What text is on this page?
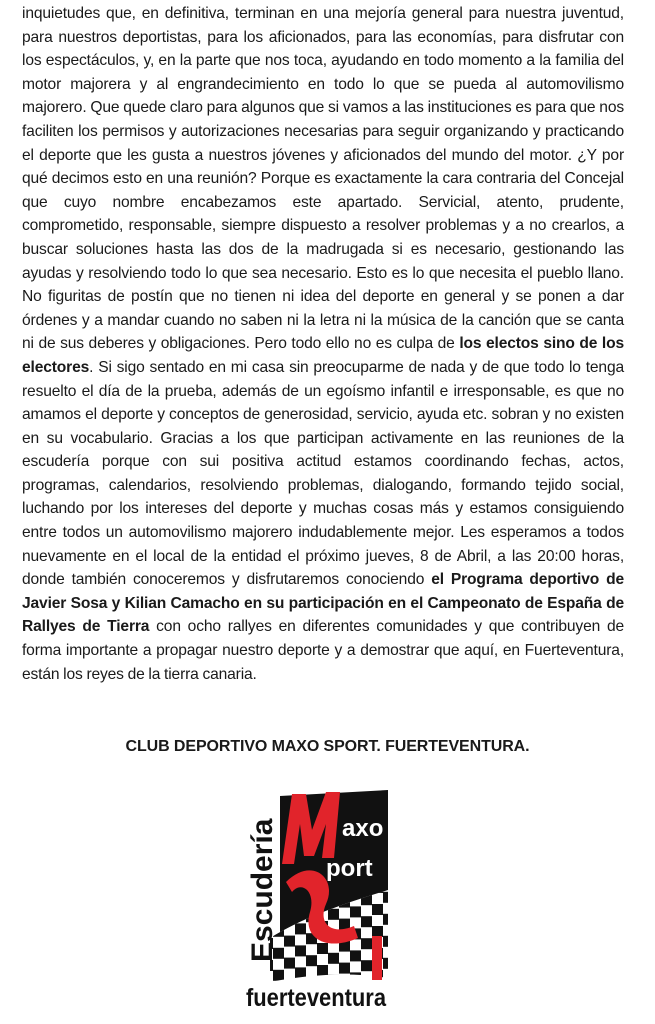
inquietudes que, en definitiva, terminan en una mejoría general para nuestra juventud, para nuestros deportistas, para los aficionados, para las economías, para disfrutar con los espectáculos, y, en la parte que nos toca, ayudando en todo momento a la familia del motor majorera y al engrandecimiento en todo lo que se pueda al automovilismo majorero. Que quede claro para algunos que si vamos a las instituciones es para que nos faciliten los permisos y autorizaciones necesarias para seguir organizando y practicando el deporte que les gusta a nuestros jóvenes y aficionados del mundo del motor. ¿Y por qué decimos esto en una reunión? Porque es exactamente la cara contraria del Concejal que cuyo nombre encabezamos este apartado. Servicial, atento, prudente, comprometido, responsable, siempre dispuesto a resolver problemas y a no crearlos, a buscar soluciones hasta las dos de la madrugada si es necesario, gestionando las ayudas y resolviendo todo lo que sea necesario. Esto es lo que necesita el pueblo llano. No figuritas de postín que no tienen ni idea del deporte en general y se ponen a dar órdenes y a mandar cuando no saben ni la letra ni la música de la canción que se canta ni de sus deberes y obligaciones. Pero todo ello no es culpa de los electos sino de los electores. Si sigo sentado en mi casa sin preocuparme de nada y de que todo lo tenga resuelto el día de la prueba, además de un egoísmo infantil e irresponsable, es que no amamos el deporte y conceptos de generosidad, servicio, ayuda etc. sobran y no existen en su vocabulario. Gracias a los que participan activamente en las reuniones de la escudería porque con sui positiva actitud estamos coordinando fechas, actos, programas, calendarios, resolviendo problemas, dialogando, formando tejido social, luchando por los intereses del deporte y muchas cosas más y estamos consiguiendo entre todos un automovilismo majorero indudablemente mejor. Les esperamos a todos nuevamente en el local de la entidad el próximo jueves, 8 de Abril, a las 20:00 horas, donde también conoceremos y disfrutaremos conociendo el Programa deportivo de Javier Sosa y Kilian Camacho en su participación en el Campeonato de España de Rallyes de Tierra con ocho rallyes en diferentes comunidades y que contribuyen de forma importante a propagar nuestro deporte y a demostrar que aquí, en Fuerteventura, están los reyes de la tierra canaria.
CLUB DEPORTIVO MAXO SPORT. FUERTEVENTURA.
Escudería	axo
port
fuerteventura
